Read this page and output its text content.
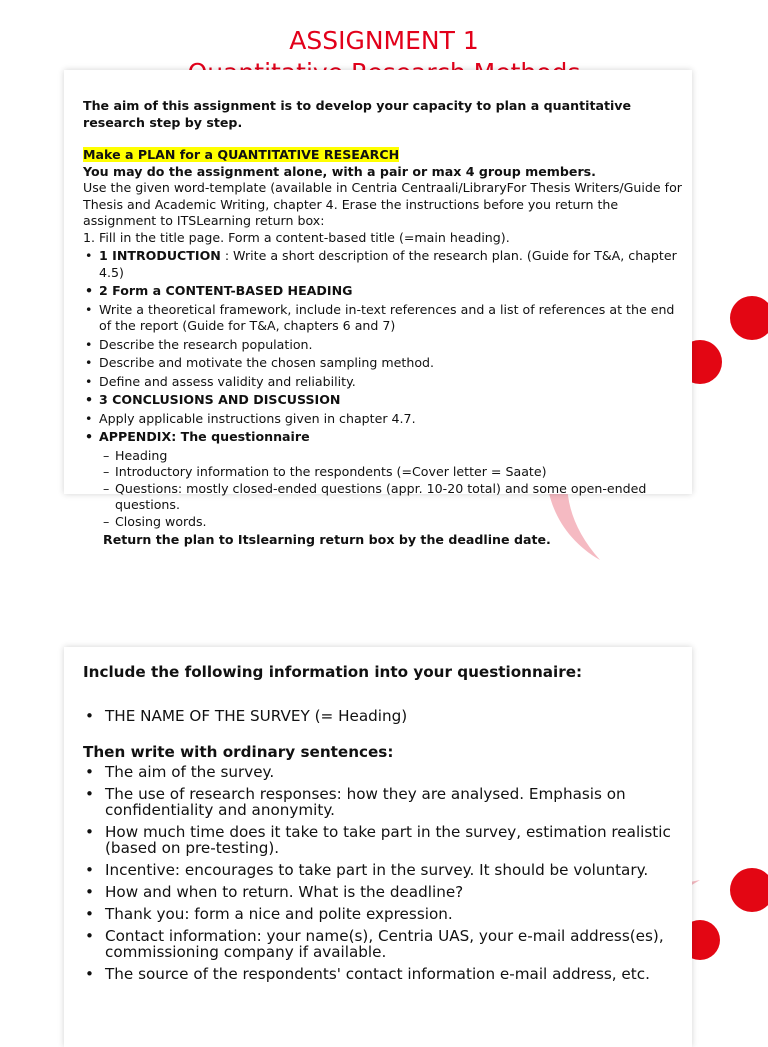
ASSIGNMENT 1

The aim of this assignment is to develop your capacity to plan a quantitative research step by step.

Make a PLAN for a QUANTITATIVE RESEARCH

You may do the assignment alone, with a pair or max 4 group members.

Use the given word-template (available in Centria Centraali/LibraryFor Thesis Writers/Guide for Thesis and Academic Writing, chapter 4. Erase the instructions before you return the assignment to ITSLearning return box:

1. Fill in the title page. Form a content-based title (=main heading).

• 1 INTRODUCTION : Write a short description of the research plan. (Guide for T&A, chapter 4.5)

• 2 Form a CONTENT-BASED HEADING

• Write a theoretical framework, include in-text references and a list of references at the end of the report (Guide for T&A, chapters 6 and 7)

• Describe the research population.

• Describe and motivate the chosen sampling method.

• Define and assess validity and reliability.

• 3 CONCLUSIONS AND DISCUSSION

• Apply applicable instructions given in chapter 4.7.

• APPENDIX: The questionnaire

– Heading

– Introductory information to the respondents (=Cover letter = Saate)

– Questions: mostly closed-ended questions (appr. 10-20 total) and some open-ended questions.

– Closing words.

Return the plan to Itslearning return box by the deadline date.

Include the following information into your questionnaire:

• THE NAME OF THE SURVEY (= Heading)

Then write with ordinary sentences:

• The aim of the survey.

• The use of research responses: how they are analysed. Emphasis on confidentiality and anonymity.

• How much time does it take to take part in the survey, estimation realistic (based on pre-testing).

• Incentive: encourages to take part in the survey. It should be voluntary.

• How and when to return. What is the deadline?

• Thank you: form a nice and polite expression.

• Contact information: your name(s), Centria UAS, your e-mail address(es), commissioning company if available.

• The source of the respondents' contact information e-mail address, etc.
